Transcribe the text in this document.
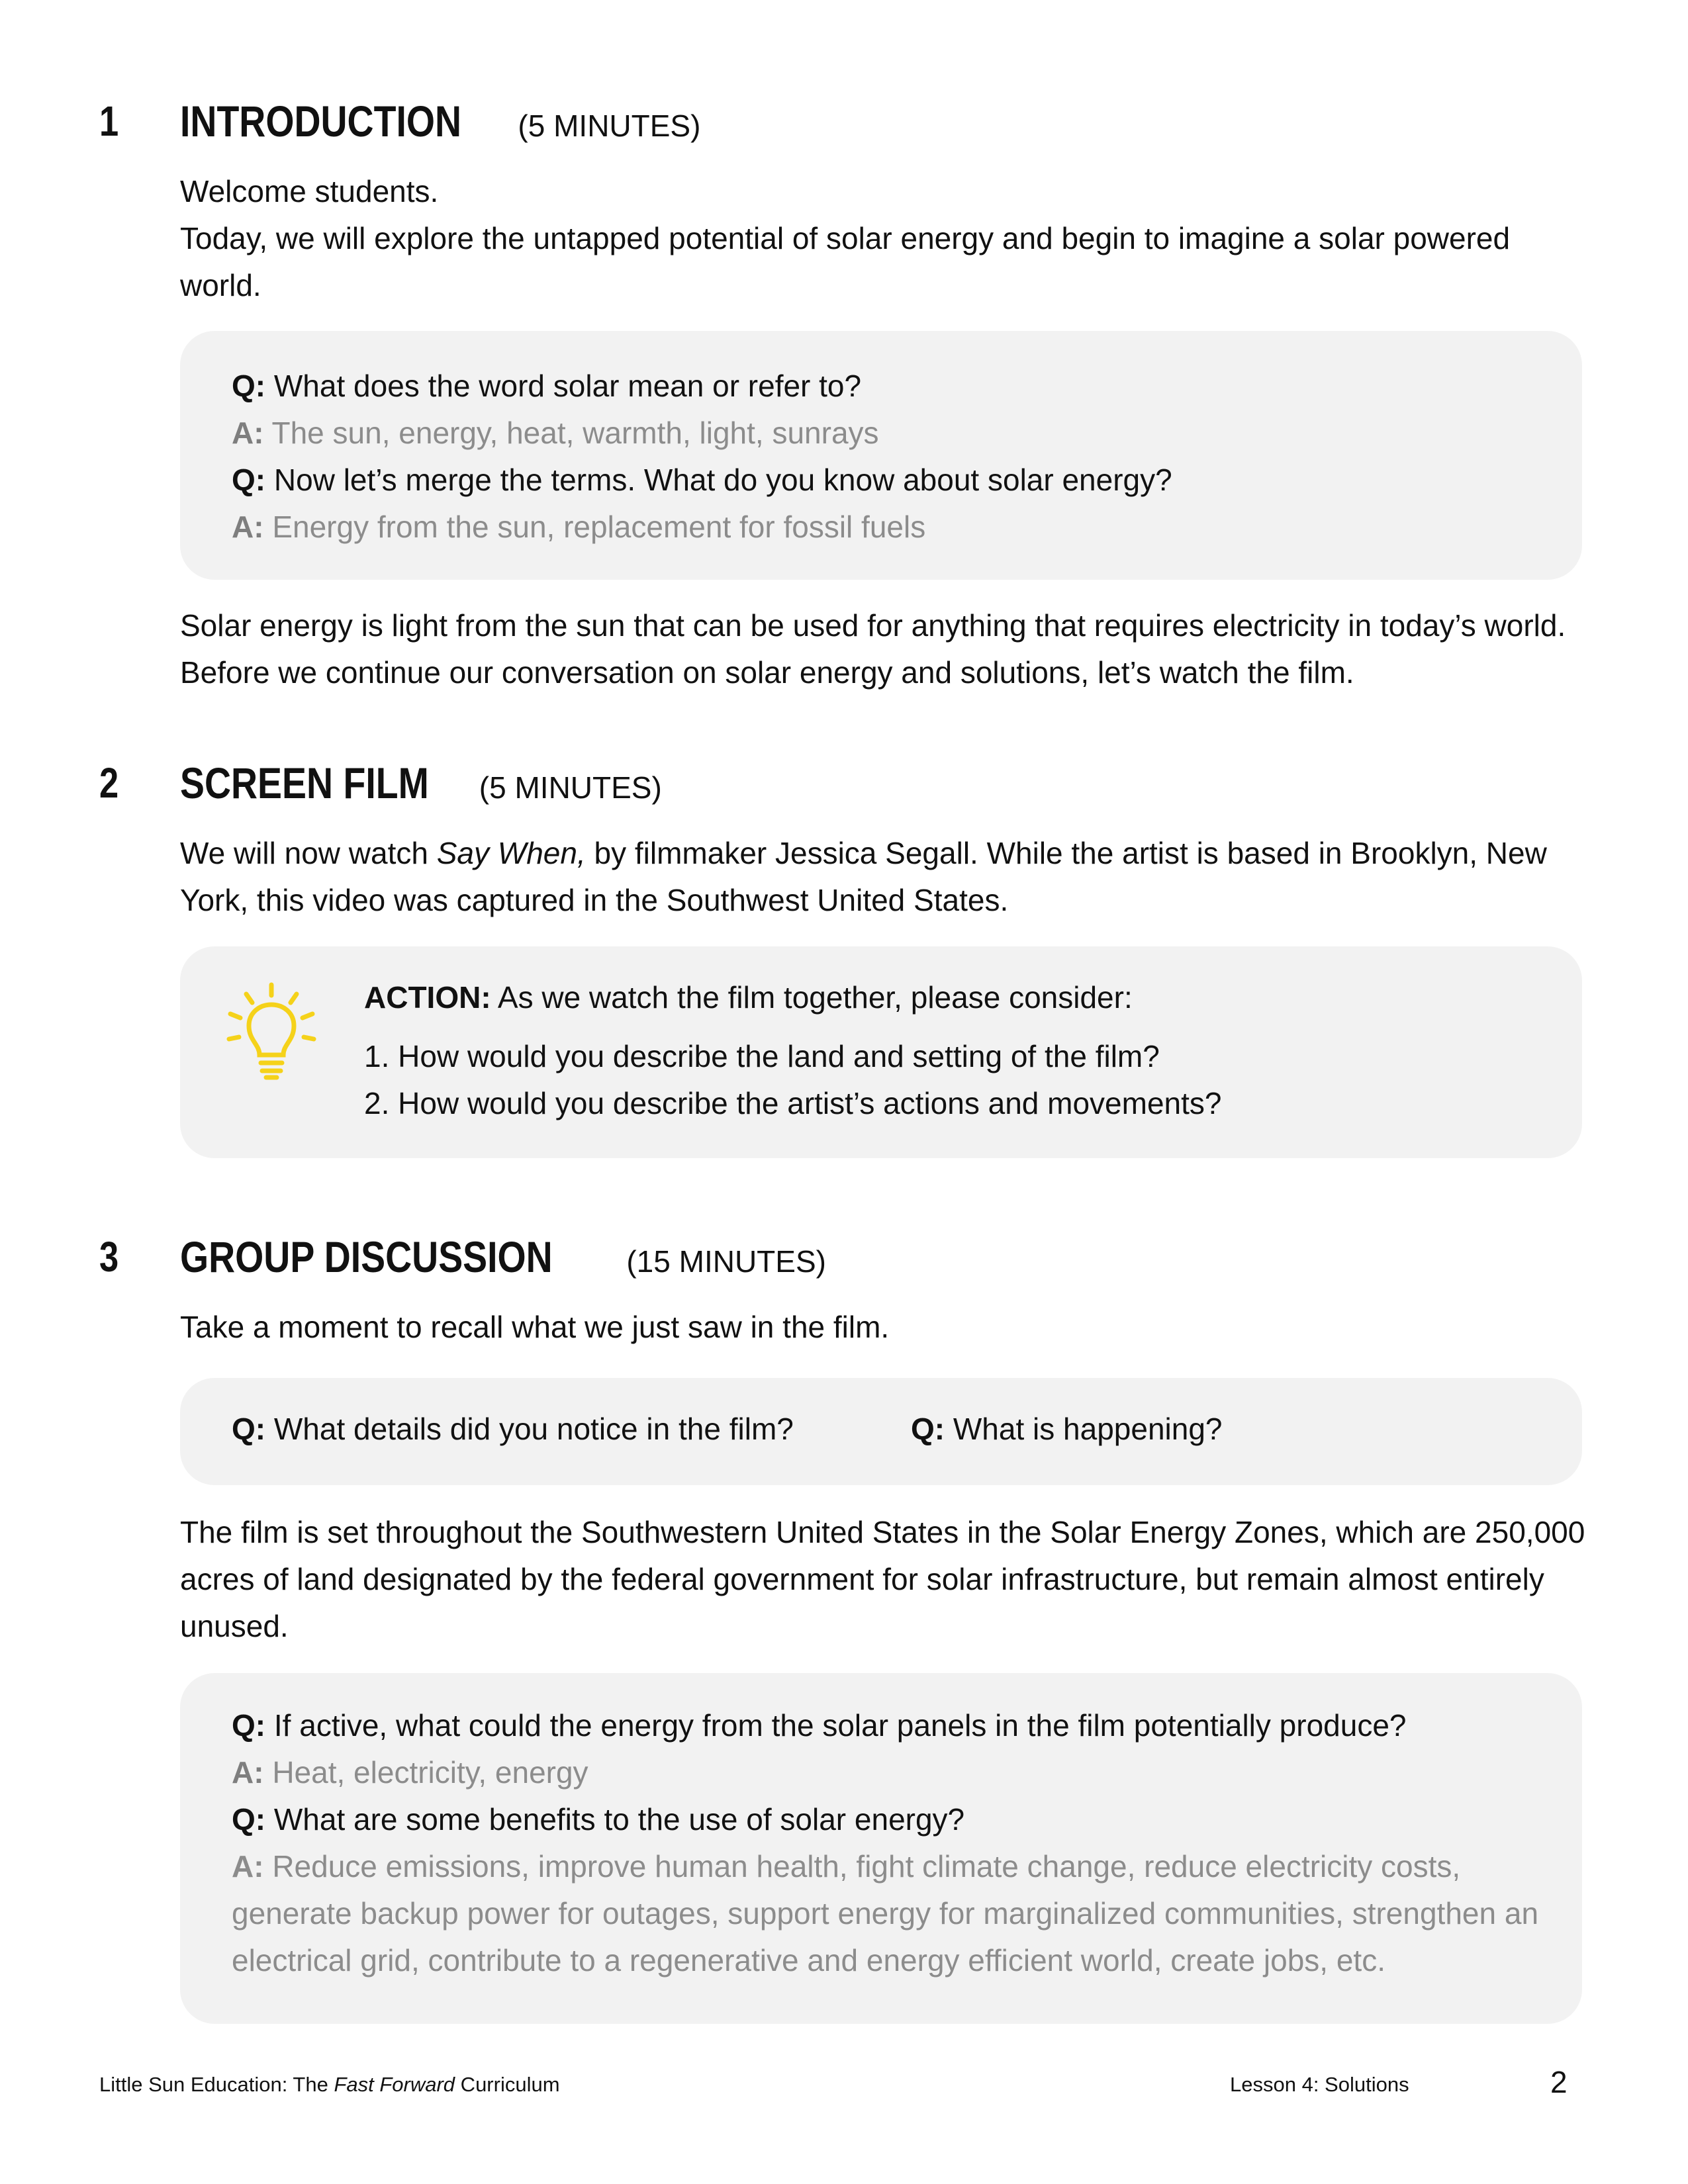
1 INTRODUCTION (5 MINUTES)

Welcome students.

Today, we will explore the untapped potential of solar energy and begin to imagine a solar powered world.

Q: What does the word solar mean or refer to?
A: The sun, energy, heat, warmth, light, sunrays
Q: Now let’s merge the terms. What do you know about solar energy?
A: Energy from the sun, replacement for fossil fuels
Solar energy is light from the sun that can be used for anything that requires electricity in today’s world. Before we continue our conversation on solar energy and solutions, let’s watch the film.
2 SCREEN FILM (5 MINUTES)
We will now watch Say When, by filmmaker Jessica Segall. While the artist is based in Brooklyn, New York, this video was captured in the Southwest United States.
ACTION: As we watch the film together, please consider:
1. How would you describe the land and setting of the film?
2. How would you describe the artist’s actions and movements?
3 GROUP DISCUSSION (15 MINUTES)
Take a moment to recall what we just saw in the film.
Q: What details did you notice in the film?	Q: What is happening?
The film is set throughout the Southwestern United States in the Solar Energy Zones, which are 250,000 acres of land designated by the federal government for solar infrastructure, but remain almost entirely unused.
Q: If active, what could the energy from the solar panels in the film potentially produce?
A: Heat, electricity, energy
Q: What are some benefits to the use of solar energy?
A: Reduce emissions, improve human health, fight climate change, reduce electricity costs, generate backup power for outages, support energy for marginalized communities, strengthen an electrical grid, contribute to a regenerative and energy efficient world, create jobs, etc.
Little Sun Education: The Fast Forward Curriculum	Lesson 4: Solutions	2
